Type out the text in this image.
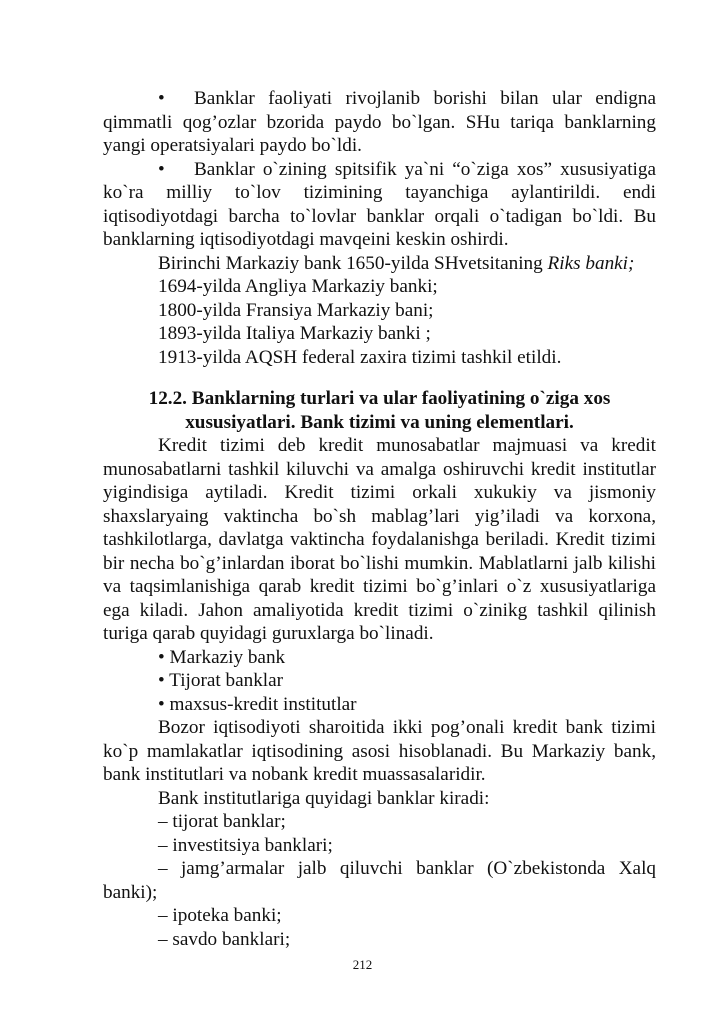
• Banklar faoliyati rivojlanib borishi bilan ular endigna qimmatli qog’ozlar bzorida paydo bo`lgan. SHu tariqa banklarning yangi operatsiyalari paydo bo`ldi.

• Banklar o`zining spitsifik ya`ni “o`ziga xos” xususiyatiga ko`ra milliy to`lov tizimining tayanchiga aylantirildi. endi iqtisodiyotdagi barcha to`lovlar banklar orqali o`tadigan bo`ldi. Bu banklarning iqtisodiyotdagi mavqeini keskin oshirdi.

Birinchi Markaziy bank 1650-yilda SHvetsitaning Riks banki;

1694-yilda Angliya Markaziy banki;

1800-yilda Fransiya Markaziy bani;

1893-yilda Italiya Markaziy banki ;

1913-yilda AQSH federal zaxira tizimi tashkil etildi.

12.2. Banklarning turlari va ular faoliyatining o`ziga xos xususiyatlari. Bank tizimi va uning elementlari.

Kredit tizimi deb kredit munosabatlar majmuasi va kredit munosabatlarni tashkil kiluvchi va amalga oshiruvchi kredit institutlar yigindisiga aytiladi. Kredit tizimi orkali xukukiy va jismoniy shaxslaryaing vaktincha bo`sh mablag’lari yig’iladi va korxona, tashkilotlarga, davlatga vaktincha foydalanishga beriladi. Kredit tizimi bir necha bo`g’inlardan iborat bo`lishi mumkin. Mablatlarni jalb kilishi va taqsimlanishiga qarab kredit tizimi bo`g’inlari o`z xususiyatlariga ega kiladi. Jahon amaliyotida kredit tizimi o`zinikg tashkil qilinish turiga qarab quyidagi guruxlarga bo`linadi.

• Markaziy bank

• Tijorat banklar

• maxsus-kredit institutlar

Bozor iqtisodiyoti sharoitida ikki pog’onali kredit bank tizimi ko`p mamlakatlar iqtisodining asosi hisoblanadi. Bu Markaziy bank, bank institutlari va nobank kredit muassasalaridir.

Bank institutlariga quyidagi banklar kiradi:

– tijorat banklar;

– investitsiya banklari;

– jamg’armalar jalb qiluvchi banklar (O`zbekistonda Xalq banki);

– ipoteka banki;

– savdo banklari;

212
